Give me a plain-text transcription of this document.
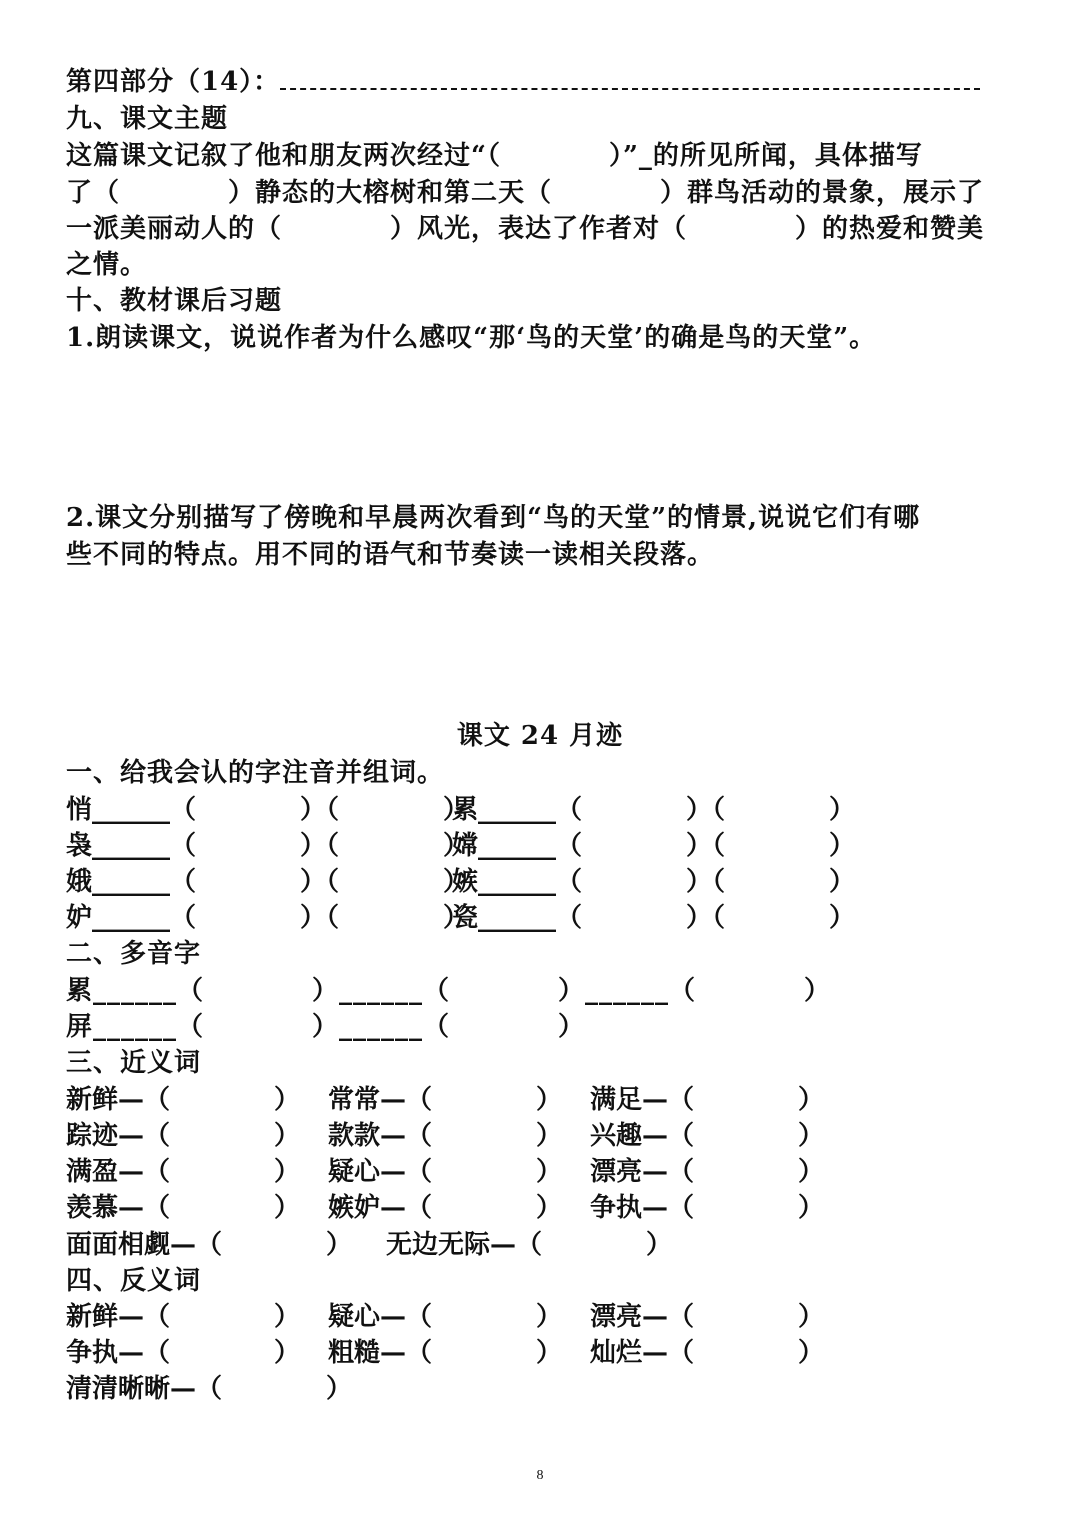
第四部分（14）：
九、课文主题
这篇课文记叙了他和朋友两次经过“（　　　　）”_的所见所闻，具体描写
了（　　　　）静态的大榕树和第二天（　　　　）群鸟活动的景象，展示了
一派美丽动人的（　　　　）风光，表达了作者对（　　　　）的热爱和赞美
之情。
十、教材课后习题
1.朗读课文，说说作者为什么感叹“那‘鸟的天堂’的确是鸟的天堂”。
2.课文分别描写了傍晚和早晨两次看到“鸟的天堂”的情景,说说它们有哪
些不同的特点。用不同的语气和节奏读一读相关段落。
课文 24 月迹
一、给我会认的字注音并组词。
悄______（　　　　）（　　　　）
累______（　　　　）（　　　　）
袅______（　　　　）（　　　　）
嫦______（　　　　）（　　　　）
娥______（　　　　）（　　　　）
嫉______（　　　　）（　　　　）
妒______（　　　　）（　　　　）
瓷______（　　　　）（　　　　）
二、多音字
累______（　　　　）______（　　　　）______（　　　　）
屏______（　　　　）______（　　　　）
三、近义词
新鲜—（　　　　） 常常—（　　　　） 满足—（　　　　）
踪迹—（　　　　） 款款—（　　　　） 兴趣—（　　　　）
满盈—（　　　　） 疑心—（　　　　） 漂亮—（　　　　）
羡慕—（　　　　） 嫉妒—（　　　　） 争执—（　　　　）
面面相觑—（　　　　） 无边无际—（　　　　）
四、反义词
新鲜—（　　　　） 疑心—（　　　　） 漂亮—（　　　　）
争执—（　　　　） 粗糙—（　　　　） 灿烂—（　　　　）
清清晰晰—（　　　　）
8
